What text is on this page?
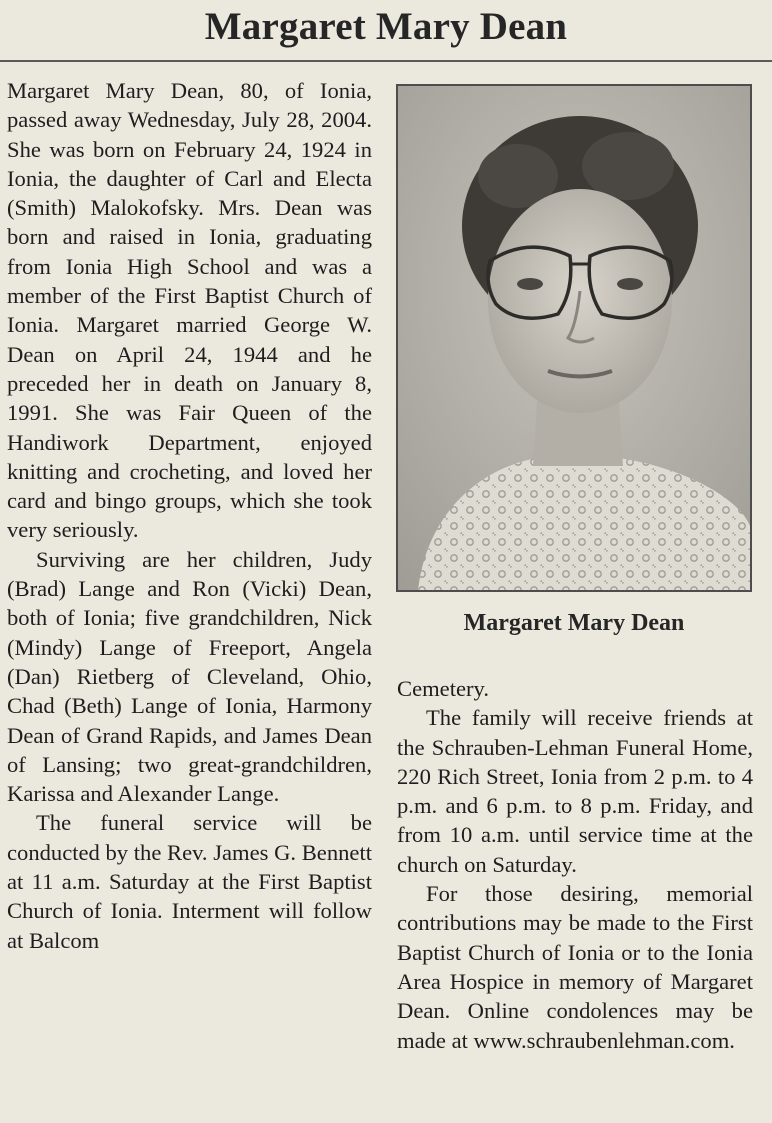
Margaret Mary Dean

Margaret Mary Dean, 80, of Ionia, passed away Wednesday, July 28, 2004. She was born on February 24, 1924 in Ionia, the daughter of Carl and Electa (Smith) Malokofsky. Mrs. Dean was born and raised in Ionia, graduating from Ionia High School and was a member of the First Baptist Church of Ionia. Margaret married George W. Dean on April 24, 1944 and he preceded her in death on January 8, 1991. She was Fair Queen of the Handiwork Department, enjoyed knitting and crocheting, and loved her card and bingo groups, which she took very seriously.

Surviving are her children, Judy (Brad) Lange and Ron (Vicki) Dean, both of Ionia; five grandchildren, Nick (Mindy) Lange of Freeport, Angela (Dan) Rietberg of Cleveland, Ohio, Chad (Beth) Lange of Ionia, Harmony Dean of Grand Rapids, and James Dean of Lansing; two great-grandchildren, Karissa and Alexander Lange.

The funeral service will be conducted by the Rev. James G. Bennett at 11 a.m. Saturday at the First Baptist Church of Ionia. Interment will follow at Balcom

Margaret Mary Dean

Cemetery.

The family will receive friends at the Schrauben-Lehman Funeral Home, 220 Rich Street, Ionia from 2 p.m. to 4 p.m. and 6 p.m. to 8 p.m. Friday, and from 10 a.m. until service time at the church on Saturday.

For those desiring, memorial contributions may be made to the First Baptist Church of Ionia or to the Ionia Area Hospice in memory of Margaret Dean. Online condolences may be made at www.schraubenlehman.com.
